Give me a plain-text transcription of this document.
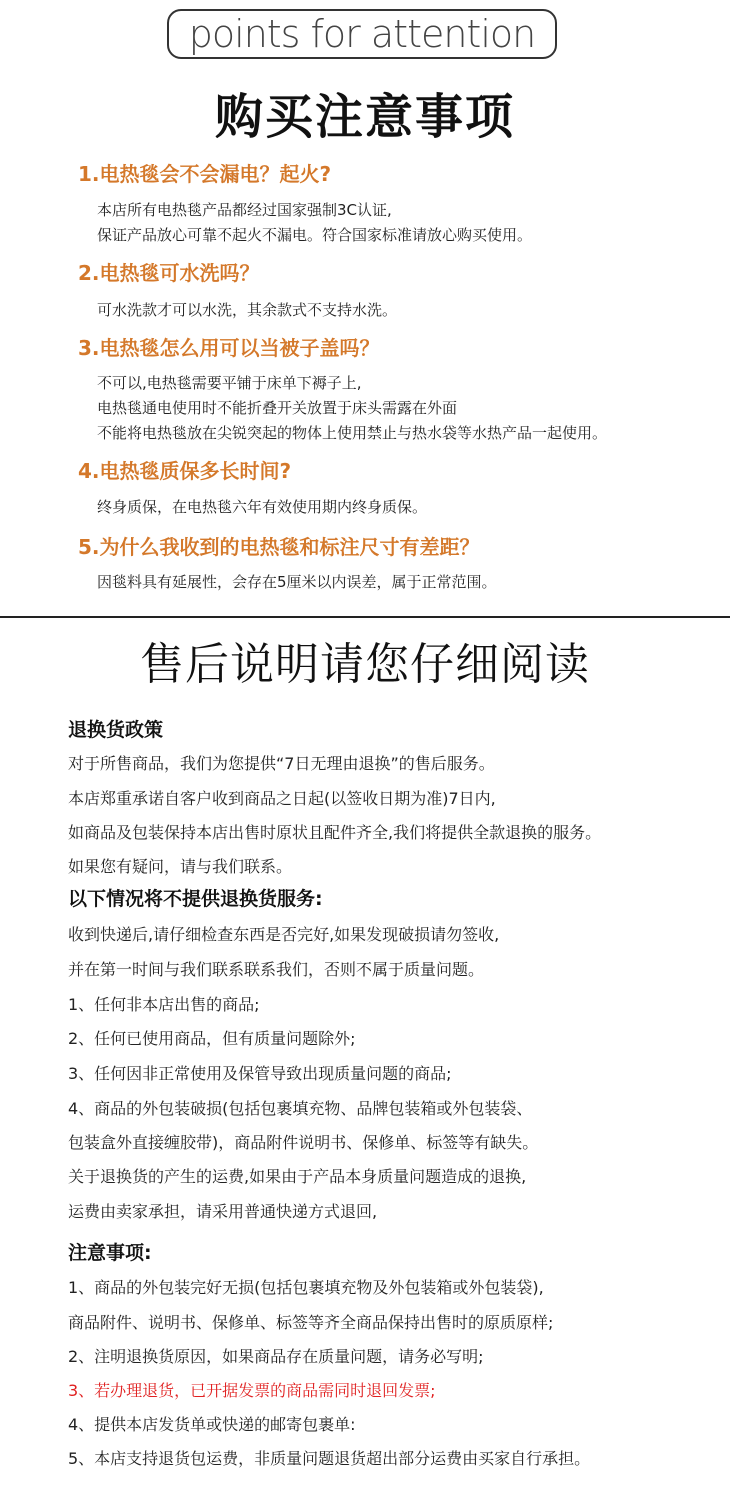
points for attention
购买注意事项
1.电热毯会不会漏电？起火?
本店所有电热毯产品都经过国家强制3C认证,
保证产品放心可靠不起火不漏电。符合国家标准请放心购买使用。
2.电热毯可水洗吗？
可水洗款才可以水洗，其余款式不支持水洗。
3.电热毯怎么用可以当被子盖吗？
不可以,电热毯需要平铺于床单下褥子上,
电热毯通电使用时不能折叠开关放置于床头需露在外面
不能将电热毯放在尖锐突起的物体上使用禁止与热水袋等水热产品一起使用。
4.电热毯质保多长时间?
终身质保，在电热毯六年有效使用期内终身质保。
5.为什么我收到的电热毯和标注尺寸有差距？
因毯料具有延展性，会存在5厘米以内误差，属于正常范围。
售后说明请您仔细阅读
退换货政策
对于所售商品，我们为您提供“7日无理由退换”的售后服务。
本店郑重承诺自客户收到商品之日起(以签收日期为准)7日内,
如商品及包装保持本店出售时原状且配件齐全,我们将提供全款退换的服务。
如果您有疑问，请与我们联系。
以下情况将不提供退换货服务:
收到快递后,请仔细检查东西是否完好,如果发现破损请勿签收,
并在第一时间与我们联系联系我们，否则不属于质量问题。
1、任何非本店出售的商品;
2、任何已使用商品，但有质量问题除外;
3、任何因非正常使用及保管导致出现质量问题的商品;
4、商品的外包装破损(包括包裹填充物、品牌包装箱或外包装袋、
包装盒外直接缠胶带)，商品附件说明书、保修单、标签等有缺失。
关于退换货的产生的运费,如果由于产品本身质量问题造成的退换,
运费由卖家承担，请采用普通快递方式退回,
注意事项:
1、商品的外包装完好无损(包括包裹填充物及外包装箱或外包装袋),
商品附件、说明书、保修单、标签等齐全商品保持出售时的原质原样;
2、注明退换货原因，如果商品存在质量问题，请务必写明;
3、若办理退货，已开据发票的商品需同时退回发票;
4、提供本店发货单或快递的邮寄包裹单:
5、本店支持退货包运费，非质量问题退货超出部分运费由买家自行承担。
